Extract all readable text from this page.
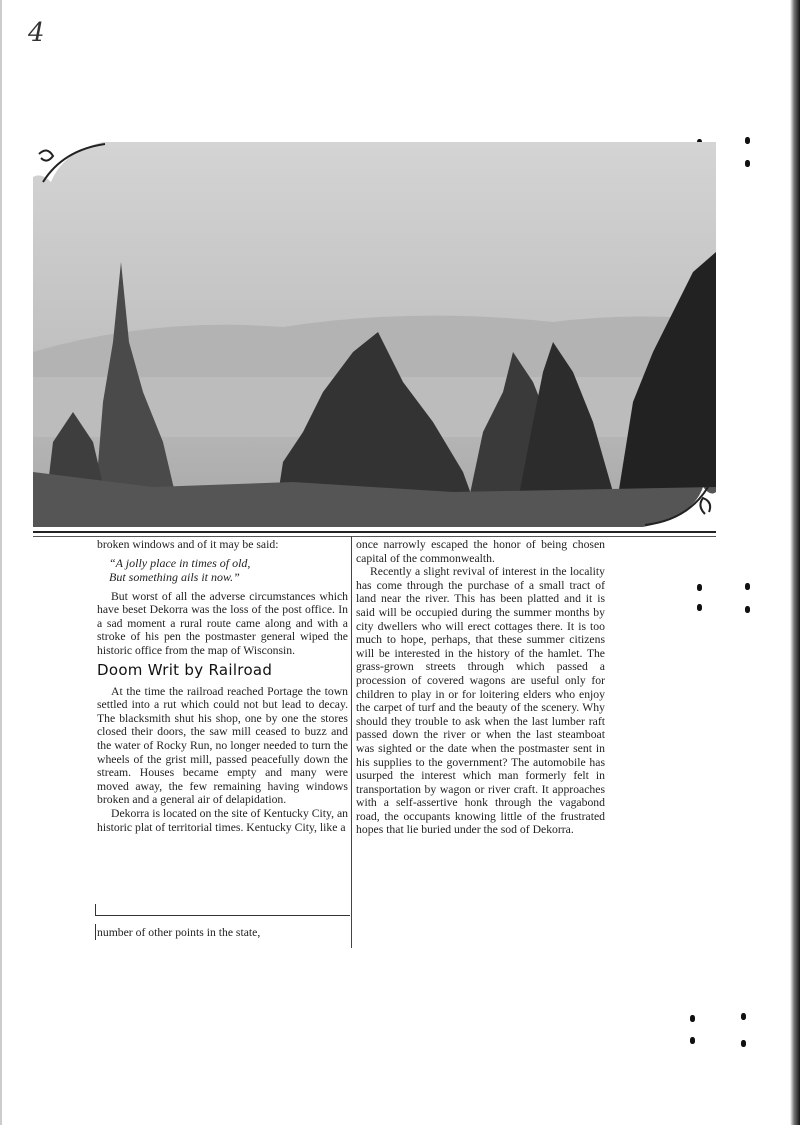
4

broken windows and of it may be said:

“A jolly place in times of old,
But something ails it now.”

But worst of all the adverse circumstances which have beset Dekorra was the loss of the post office. In a sad moment a rural route came along and with a stroke of his pen the postmaster general wiped the historic office from the map of Wisconsin.

Doom Writ by Railroad

At the time the railroad reached Portage the town settled into a rut which could not but lead to decay. The blacksmith shut his shop, one by one the stores closed their doors, the saw mill ceased to buzz and the water of Rocky Run, no longer needed to turn the wheels of the grist mill, passed peacefully down the stream. Houses became empty and many were moved away, the few remaining having windows broken and a general air of delapidation.

Dekorra is located on the site of Kentucky City, an historic plat of territorial times. Kentucky City, like a

number of other points in the state,

once narrowly escaped the honor of being chosen capital of the commonwealth.

Recently a slight revival of interest in the locality has come through the purchase of a small tract of land near the river. This has been platted and it is said will be occupied during the summer months by city dwellers who will erect cottages there. It is too much to hope, perhaps, that these summer citizens will be interested in the history of the hamlet. The grass-grown streets through which passed a procession of covered wagons are useful only for children to play in or for loitering elders who enjoy the carpet of turf and the beauty of the scenery. Why should they trouble to ask when the last lumber raft passed down the river or when the last steamboat was sighted or the date when the postmaster sent in his supplies to the government? The automobile has usurped the interest which man formerly felt in transportation by wagon or river craft. It approaches with a self-assertive honk through the vagabond road, the occupants knowing little of the frustrated hopes that lie buried under the sod of Dekorra.
